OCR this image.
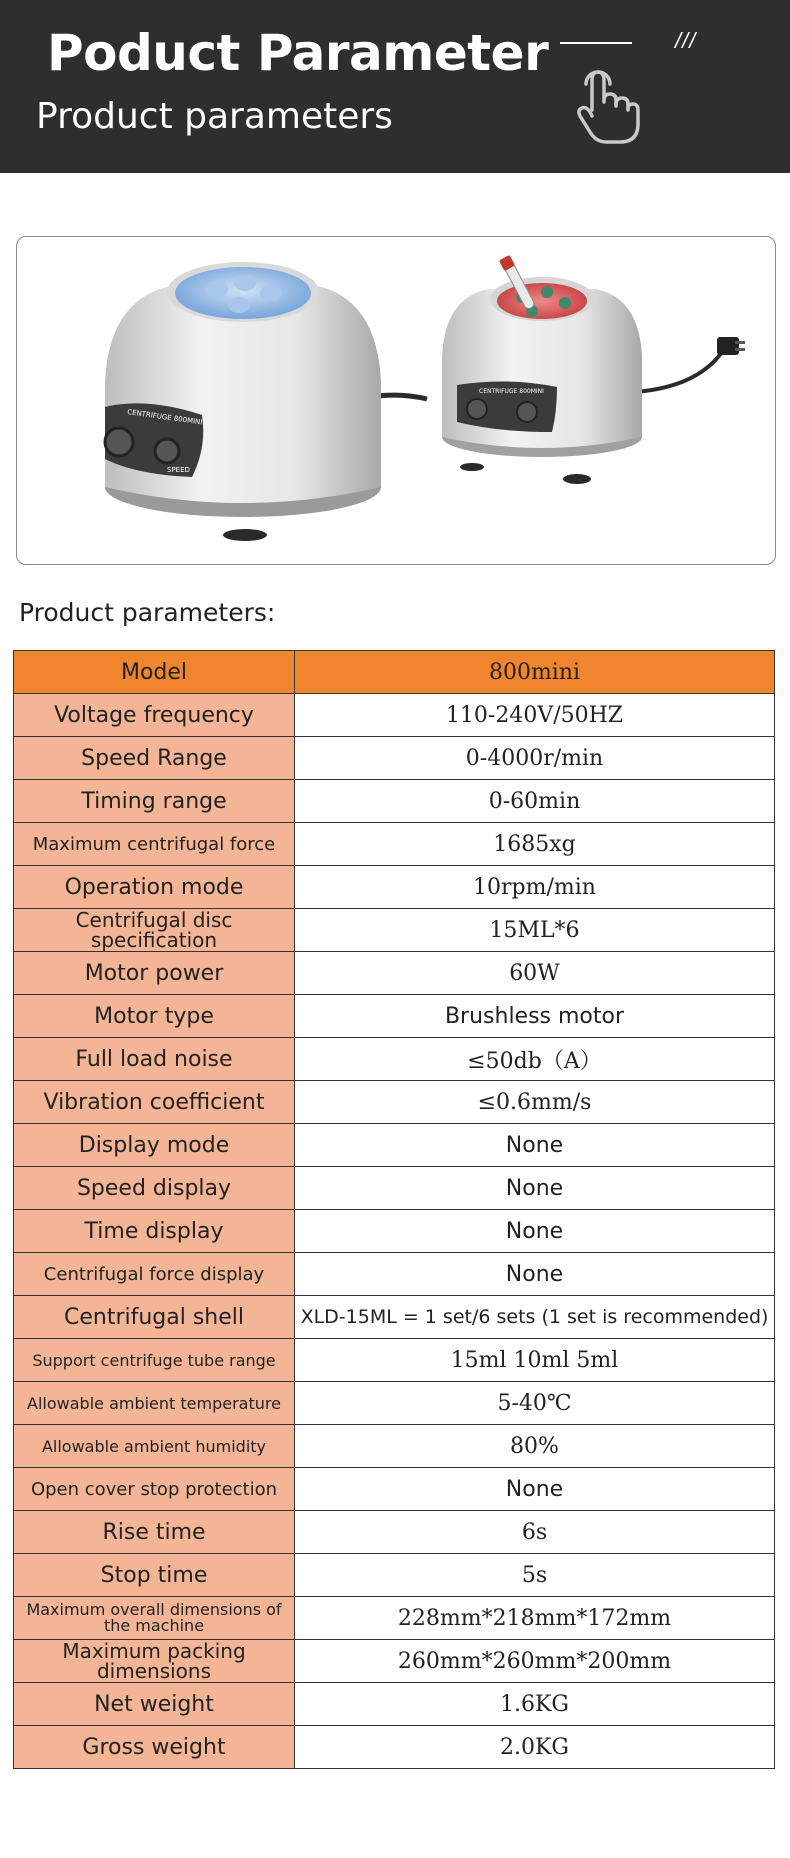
Poduct Parameter
Product parameters
///
CENTRIFUGE 800MINI
SPEED
CENTRIFUGE 800MINI
Product parameters:
Model	800mini
Voltage frequency	110-240V/50HZ
Speed Range	0-4000r/min
Timing range	0-60min
Maximum centrifugal force	1685xg
Operation mode	10rpm/min
Centrifugal disc specification	15ML*6
Motor power	60W
Motor type	Brushless motor
Full load noise	≤50db（A）
Vibration coefficient	≤0.6mm/s
Display mode	None
Speed display	None
Time display	None
Centrifugal force display	None
Centrifugal shell	XLD-15ML = 1 set/6 sets (1 set is recommended)
Support centrifuge tube range	15ml 10ml 5ml
Allowable ambient temperature	5-40℃
Allowable ambient humidity	80%
Open cover stop protection	None
Rise time	6s
Stop time	5s
Maximum overall dimensions of the machine	228mm*218mm*172mm
Maximum packing dimensions	260mm*260mm*200mm
Net weight	1.6KG
Gross weight	2.0KG
